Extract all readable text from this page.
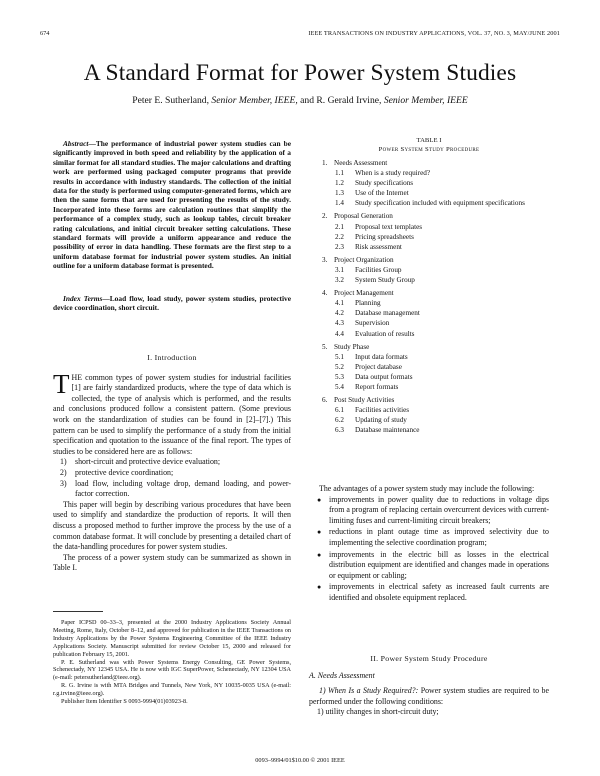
674	IEEE TRANSACTIONS ON INDUSTRY APPLICATIONS, VOL. 37, NO. 3, MAY/JUNE 2001
A Standard Format for Power System Studies
Peter E. Sutherland, Senior Member, IEEE, and R. Gerald Irvine, Senior Member, IEEE
Abstract—The performance of industrial power system studies can be significantly improved in both speed and reliability by the application of a similar format for all standard studies. The major calculations and drafting work are performed using packaged computer programs that provide results in accordance with industry standards. The collection of the initial data for the study is performed using computer-generated forms, which are then the same forms that are used for presenting the results of the study. Incorporated into these forms are calculation routines that simplify the performance of a complex study, such as lookup tables, circuit breaker rating calculations, and initial circuit breaker setting calculations. These standard formats will provide a uniform appearance and reduce the possibility of error in data handling. These formats are the first step to a uniform database format for industrial power system studies. An initial outline for a uniform database format is presented.
Index Terms—Load flow, load study, power system studies, protective device coordination, short circuit.
I. Introduction

THE common types of power system studies for industrial facilities [1] are fairly standardized products, where the type of data which is collected, the type of analysis which is performed, and the results and conclusions produced follow a consistent pattern. (Some previous work on the standardization of studies can be found in [2]–[7].) This pattern can be used to simplify the performance of a study from the initial specification and quotation to the issuance of the final report. The types of studies to be considered here are as follows:

1) short-circuit and protective device evaluation;
2) protective device coordination;
3) load flow, including voltage drop, demand loading, and power-factor correction.

This paper will begin by describing various procedures that have been used to simplify and standardize the production of reports. It will then discuss a proposed method to further improve the process by the use of a common database format. It will conclude by presenting a detailed chart of the data-handling procedures for power system studies.

The process of a power system study can be summarized as shown in Table I.

Paper ICPSD 00–33–3, presented at the 2000 Industry Applications Society Annual Meeting, Rome, Italy, October 8–12, and approved for publication in the IEEE Transactions on Industry Applications by the Power Systems Engineering Committee of the IEEE Industry Applications Society. Manuscript submitted for review October 15, 2000 and released for publication February 15, 2001.

P. E. Sutherland was with Power Systems Energy Consulting, GE Power Systems, Schenectady, NY 12345 USA. He is now with IGC SuperPower, Schenectady, NY 12304 USA (e-mail: petersutherland@ieee.org).

R. G. Irvine is with MTA Bridges and Tunnels, New York, NY 10035-0035 USA (e-mail: r.g.irvine@ieee.org).

Publisher Item Identifier S 0093-9994(01)03923-8.

TABLE I
Power System Study Procedure
1. Needs Assessment
1.1 When is a study required?
1.2 Study specifications
1.3 Use of the Internet
1.4 Study specification included with equipment specifications
2. Proposal Generation
2.1 Proposal text templates
2.2 Pricing spreadsheets
2.3 Risk assessment
3. Project Organization
3.1 Facilities Group
3.2 System Study Group
4. Project Management
4.1 Planning
4.2 Database management
4.3 Supervision
4.4 Evaluation of results
5. Study Phase
5.1 Input data formats
5.2 Project database
5.3 Data output formats
5.4 Report formats
6. Post Study Activities
6.1 Facilities activities
6.2 Updating of study
6.3 Database maintenance

The advantages of a power system study may include the following:

● improvements in power quality due to reductions in voltage dips from a program of replacing certain overcurrent devices with current-limiting fuses and current-limiting circuit breakers;
● reductions in plant outage time as improved selectivity due to implementing the selective coordination program;
● improvements in the electric bill as losses in the electrical distribution equipment are identified and changes made in operations or equipment or cabling;
● improvements in electrical safety as increased fault currents are identified and obsolete equipment replaced.
II. Power System Study Procedure
A. Needs Assessment

1) When Is a Study Required?: Power system studies are required to be performed under the following conditions:

1) utility changes in short-circuit duty;
0093–9994/01$10.00 © 2001 IEEE
